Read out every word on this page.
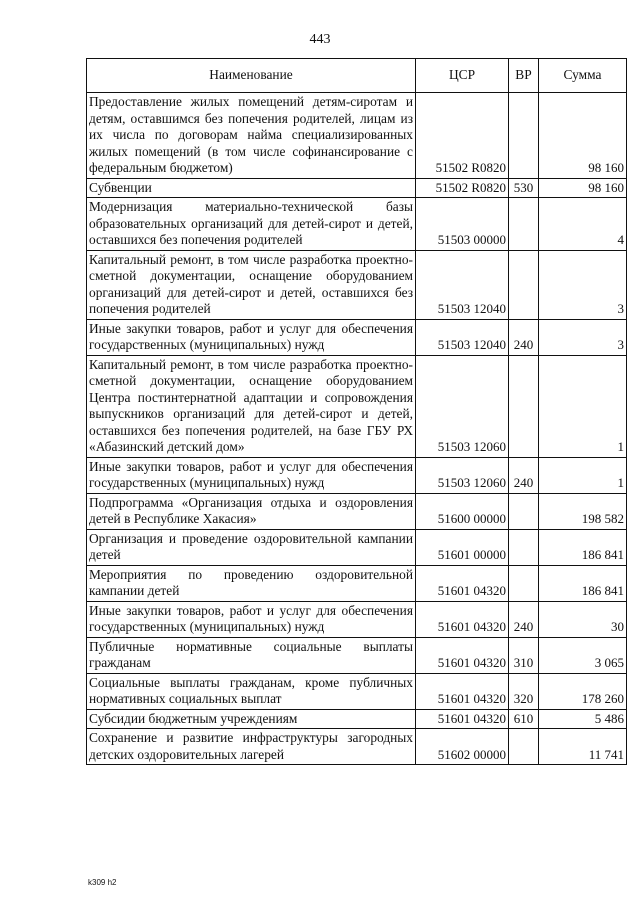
443
Наименование	ЦСР	ВР	Сумма
Предоставление жилых помещений детям-сиротам и детям, оставшимся без попечения родителей, лицам из их числа по договорам найма специализированных жилых помещений (в том числе софинансирование с федеральным бюджетом)	51502 R0820		98 160
Субвенции	51502 R0820	530	98 160
Модернизация материально-технической базы образовательных организаций для детей-сирот и детей, оставшихся без попечения родителей	51503 00000		4
Капитальный ремонт, в том числе разработка проектно-сметной документации, оснащение оборудованием организаций для детей-сирот и детей, оставшихся без попечения родителей	51503 12040		3
Иные закупки товаров, работ и услуг для обеспечения государственных (муниципальных) нужд	51503 12040	240	3
Капитальный ремонт, в том числе разработка проектно-сметной документации, оснащение оборудованием Центра постинтернатной адаптации и сопровождения выпускников организаций для детей-сирот и детей, оставшихся без попечения родителей, на базе ГБУ РХ «Абазинский детский дом»	51503 12060		1
Иные закупки товаров, работ и услуг для обеспечения государственных (муниципальных) нужд	51503 12060	240	1
Подпрограмма «Организация отдыха и оздоровления детей в Республике Хакасия»	51600 00000		198 582
Организация и проведение оздоровительной кампании детей	51601 00000		186 841
Мероприятия по проведению оздоровительной кампании детей	51601 04320		186 841
Иные закупки товаров, работ и услуг для обеспечения государственных (муниципальных) нужд	51601 04320	240	30
Публичные нормативные социальные выплаты гражданам	51601 04320	310	3 065
Социальные выплаты гражданам, кроме публичных нормативных социальных выплат	51601 04320	320	178 260
Субсидии бюджетным учреждениям	51601 04320	610	5 486
Сохранение и развитие инфраструктуры загородных детских оздоровительных лагерей	51602 00000		11 741
k309 h2
